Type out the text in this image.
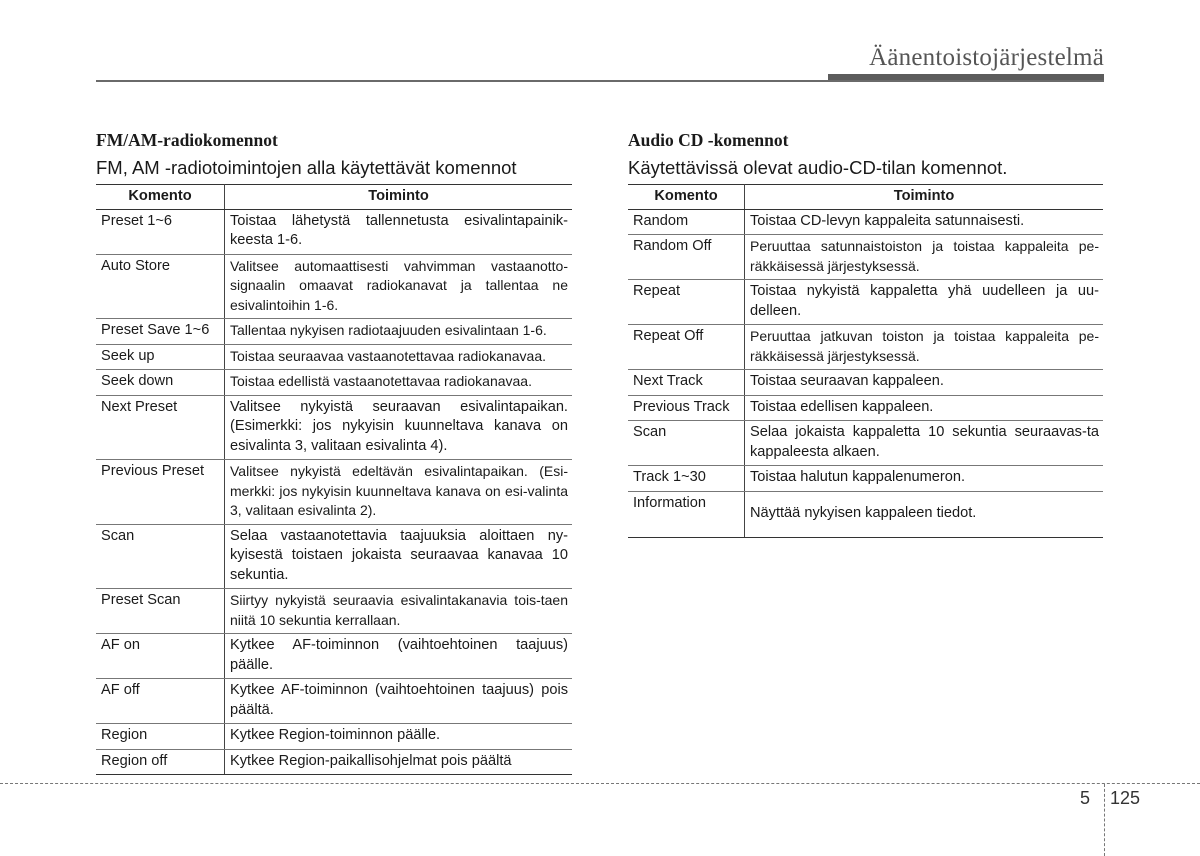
Äänentoistojärjestelmä
FM/AM-radiokomennot
FM, AM -radiotoimintojen alla käytettävät komennot
Komento	Toiminto
Preset 1~6	Toistaa lähetystä tallennetusta esivalintapainik-keesta 1-6.
Auto Store	Valitsee automaattisesti vahvimman vastaanotto-signaalin omaavat radiokanavat ja tallentaa ne esivalintoihin 1-6.
Preset Save 1~6	Tallentaa nykyisen radiotaajuuden esivalintaan 1-6.
Seek up	Toistaa seuraavaa vastaanotettavaa radiokanavaa.
Seek down	Toistaa edellistä vastaanotettavaa radiokanavaa.
Next Preset	Valitsee nykyistä seuraavan esivalintapaikan. (Esimerkki: jos nykyisin kuunneltava kanava on esivalinta 3, valitaan esivalinta 4).
Previous Preset	Valitsee nykyistä edeltävän esivalintapaikan. (Esi-merkki: jos nykyisin kuunneltava kanava on esi-valinta 3, valitaan esivalinta 2).
Scan	Selaa vastaanotettavia taajuuksia aloittaen ny-kyisestä toistaen jokaista seuraavaa kanavaa 10 sekuntia.
Preset Scan	Siirtyy nykyistä seuraavia esivalintakanavia tois-taen niitä 10 sekuntia kerrallaan.
AF on	Kytkee AF-toiminnon (vaihtoehtoinen taajuus) päälle.
AF off	Kytkee AF-toiminnon (vaihtoehtoinen taajuus) pois päältä.
Region	Kytkee Region-toiminnon päälle.
Region off	Kytkee Region-paikallisohjelmat pois päältä
Audio CD -komennot
Käytettävissä olevat audio-CD-tilan komennot.
Komento	Toiminto
Random	Toistaa CD-levyn kappaleita satunnaisesti.
Random Off	Peruuttaa satunnaistoiston ja toistaa kappaleita pe-räkkäisessä järjestyksessä.
Repeat	Toistaa nykyistä kappaletta yhä uudelleen ja uu-delleen.
Repeat Off	Peruuttaa jatkuvan toiston ja toistaa kappaleita pe-räkkäisessä järjestyksessä.
Next Track	Toistaa seuraavan kappaleen.
Previous Track	Toistaa edellisen kappaleen.
Scan	Selaa jokaista kappaletta 10 sekuntia seuraavas-ta kappaleesta alkaen.
Track 1~30	Toistaa halutun kappalenumeron.
Information	Näyttää nykyisen kappaleen tiedot.
5 125
